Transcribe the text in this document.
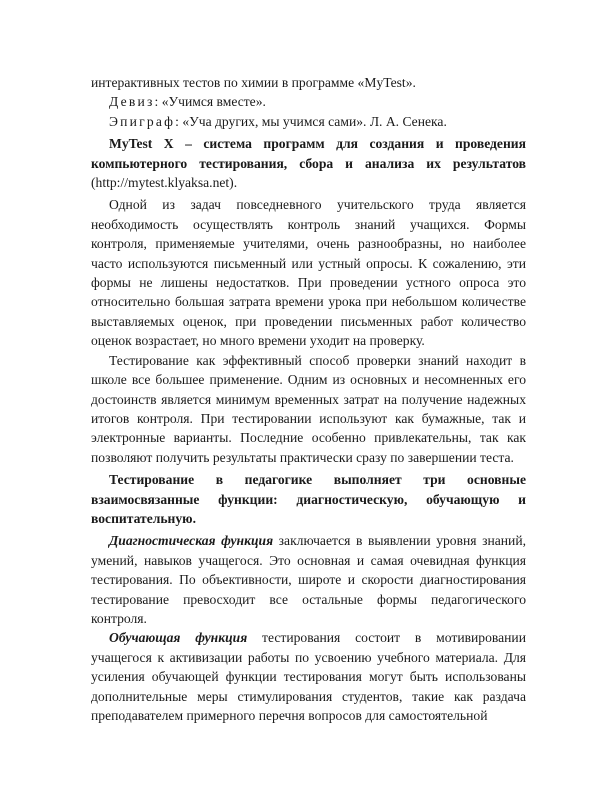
интерактивных тестов по химии в программе «MyTest».

Девиз: «Учимся вместе».

Эпиграф: «Уча других, мы учимся сами». Л. А. Сенека.

MyTest X – система программ для создания и проведения компьютерного тестирования, сбора и анализа их результатов (http://mytest.klyaksa.net).

Одной из задач повседневного учительского труда является необходимость осуществлять контроль знаний учащихся. Формы контроля, применяемые учителями, очень разнообразны, но наиболее часто используются письменный или устный опросы. К сожалению, эти формы не лишены недостатков. При проведении устного опроса это относительно большая затрата времени урока при небольшом количестве выставляемых оценок, при проведении письменных работ количество оценок возрастает, но много времени уходит на проверку.

Тестирование как эффективный способ проверки знаний находит в школе все большее применение. Одним из основных и несомненных его достоинств является минимум временных затрат на получение надежных итогов контроля. При тестировании используют как бумажные, так и электронные варианты. Последние особенно привлекательны, так как позволяют получить результаты практически сразу по завершении теста.

Тестирование в педагогике выполняет три основные взаимосвязанные функции: диагностическую, обучающую и воспитательную.

Диагностическая функция заключается в выявлении уровня знаний, умений, навыков учащегося. Это основная и самая очевидная функция тестирования. По объективности, широте и скорости диагностирования тестирование превосходит все остальные формы педагогического контроля.

Обучающая функция тестирования состоит в мотивировании учащегося к активизации работы по усвоению учебного материала. Для усиления обучающей функции тестирования могут быть использованы дополнительные меры стимулирования студентов, такие как раздача преподавателем примерного перечня вопросов для самостоятельной
